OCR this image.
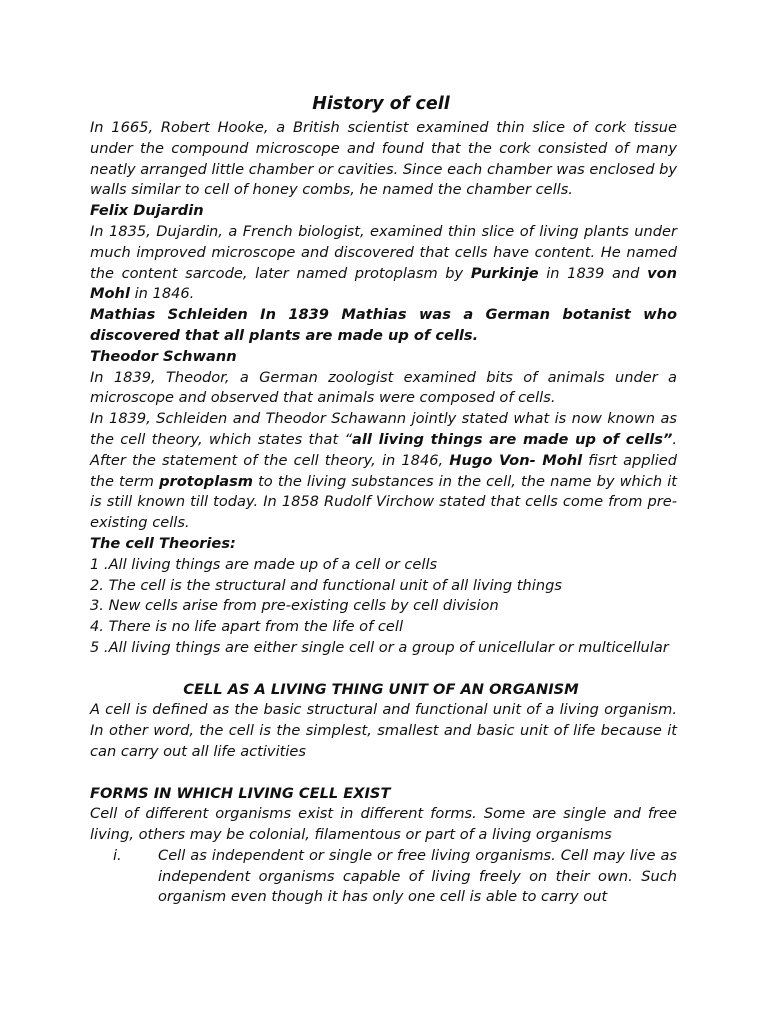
History of cell

In 1665, Robert Hooke, a British scientist examined thin slice of cork tissue under the compound microscope and found that the cork consisted of many neatly arranged little chamber or cavities. Since each chamber was enclosed by walls similar to cell of honey combs, he named the chamber cells.

Felix Dujardin

In 1835, Dujardin, a French biologist, examined thin slice of living plants under much improved microscope and discovered that cells have content. He named the content sarcode, later named protoplasm by Purkinje in 1839 and von Mohl in 1846.

Mathias Schleiden In 1839 Mathias was a German botanist who discovered that all plants are made up of cells.

Theodor Schwann

In 1839, Theodor, a German zoologist examined bits of animals under a microscope and observed that animals were composed of cells.

In 1839, Schleiden and Theodor Schawann jointly stated what is now known as the cell theory, which states that “all living things are made up of cells”. After the statement of the cell theory, in 1846, Hugo Von- Mohl fisrt applied the term protoplasm to the living substances in the cell, the name by which it is still known till today. In 1858 Rudolf Virchow stated that cells come from pre- existing cells.

The cell Theories:
1 .All living things are made up of a cell or cells
2. The cell is the structural and functional unit of all living things
3. New cells arise from pre-existing cells by cell division
4. There is no life apart from the life of cell

5 .All living things are either single cell or a group of unicellular or multicellular

CELL AS A LIVING THING UNIT OF AN ORGANISM

A cell is defined as the basic structural and functional unit of a living organism. In other word, the cell is the simplest, smallest and basic unit of life because it can carry out all life activities

FORMS IN WHICH LIVING CELL EXIST

Cell of different organisms exist in different forms. Some are single and free living, others may be colonial, filamentous or part of a living organisms

i.	Cell as independent or single or free living organisms. Cell may live as independent organisms capable of living freely on their own. Such organism even though it has only one cell is able to carry out
